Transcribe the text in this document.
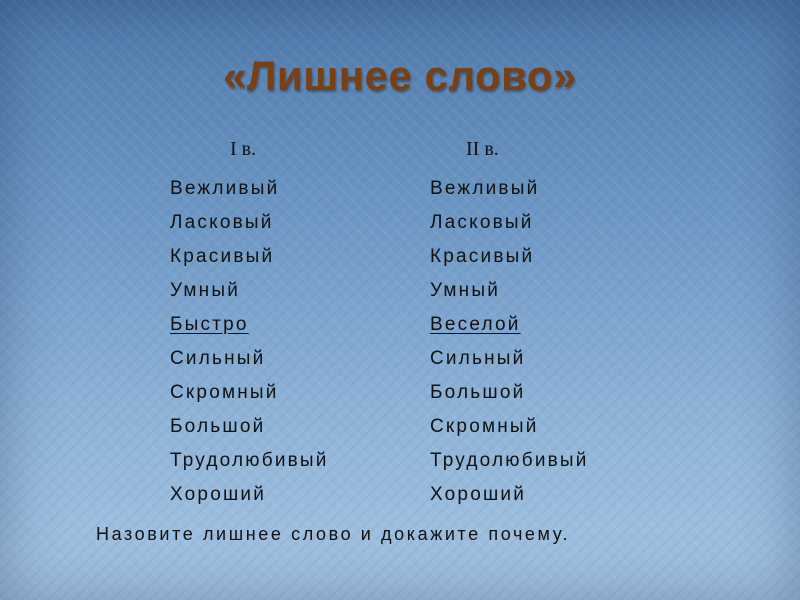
«Лишнее слово»
I в.	II в.
Вежливый
Ласковый
Красивый
Умный
Быстро
Сильный
Скромный
Большой
Трудолюбивый
Хороший
Вежливый
Ласковый
Красивый
Умный
Веселой
Сильный
Большой
Скромный
Трудолюбивый
Хороший
Назовите лишнее слово и докажите почему.
